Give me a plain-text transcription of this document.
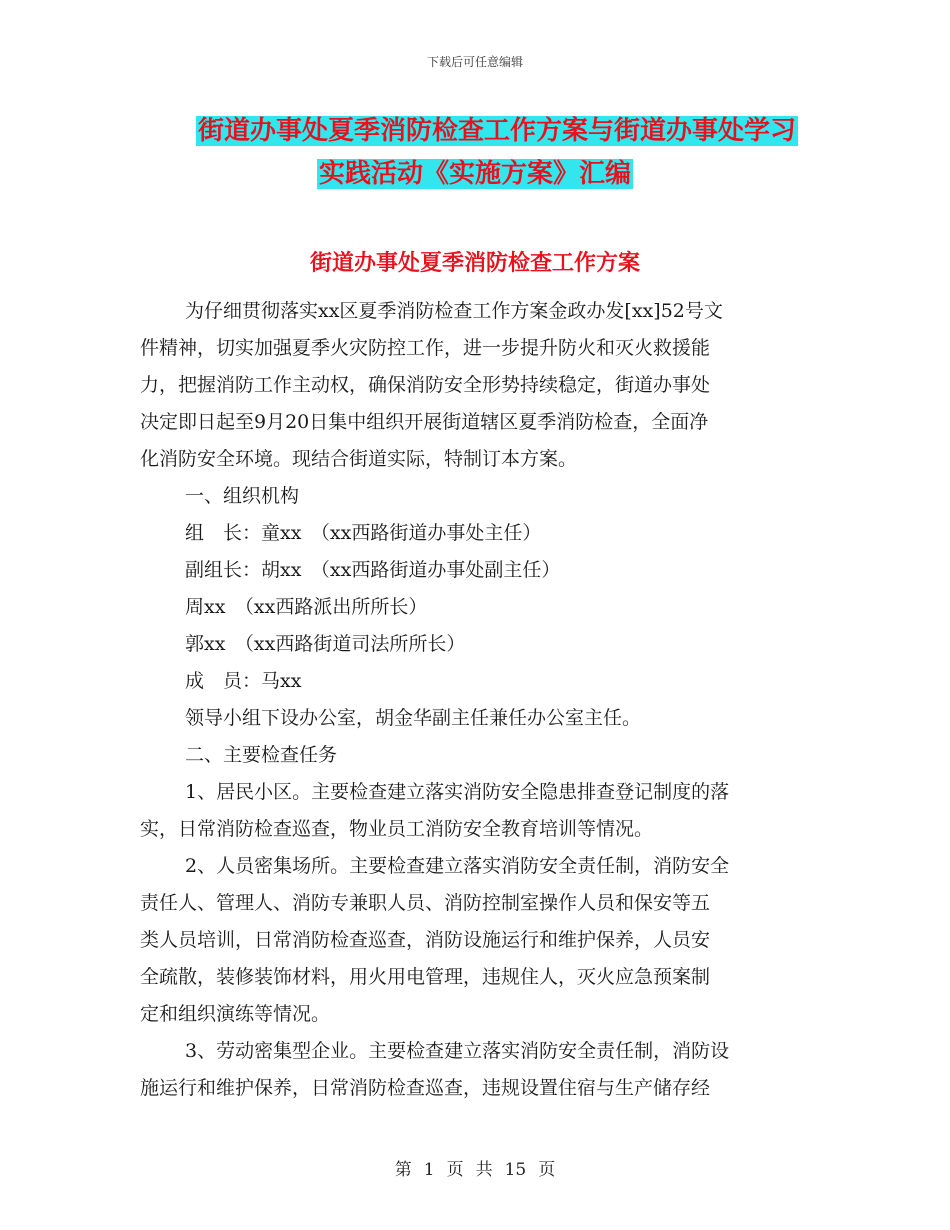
下载后可任意编辑
街道办事处夏季消防检查工作方案与街道办事处学习
实践活动《实施方案》汇编
街道办事处夏季消防检查工作方案

为仔细贯彻落实xx区夏季消防检查工作方案金政办发[xx]52号文

件精神，切实加强夏季火灾防控工作，进一步提升防火和灭火救援能

力，把握消防工作主动权，确保消防安全形势持续稳定，街道办事处

决定即日起至9月20日集中组织开展街道辖区夏季消防检查，全面净

化消防安全环境。现结合街道实际，特制订本方案。

一、组织机构

组　长：童xx　（xx西路街道办事处主任）

副组长：胡xx　（xx西路街道办事处副主任）

周xx　（xx西路派出所所长）

郭xx　（xx西路街道司法所所长）

成　员：马xx

领导小组下设办公室，胡金华副主任兼任办公室主任。

二、主要检查任务

1、居民小区。主要检查建立落实消防安全隐患排查登记制度的落

实，日常消防检查巡查，物业员工消防安全教育培训等情况。

2、人员密集场所。主要检查建立落实消防安全责任制，消防安全

责任人、管理人、消防专兼职人员、消防控制室操作人员和保安等五

类人员培训，日常消防检查巡查，消防设施运行和维护保养，人员安

全疏散，装修装饰材料，用火用电管理，违规住人，灭火应急预案制

定和组织演练等情况。

3、劳动密集型企业。主要检查建立落实消防安全责任制，消防设

施运行和维护保养，日常消防检查巡查，违规设置住宿与生产储存经

第 1 页 共 15 页
